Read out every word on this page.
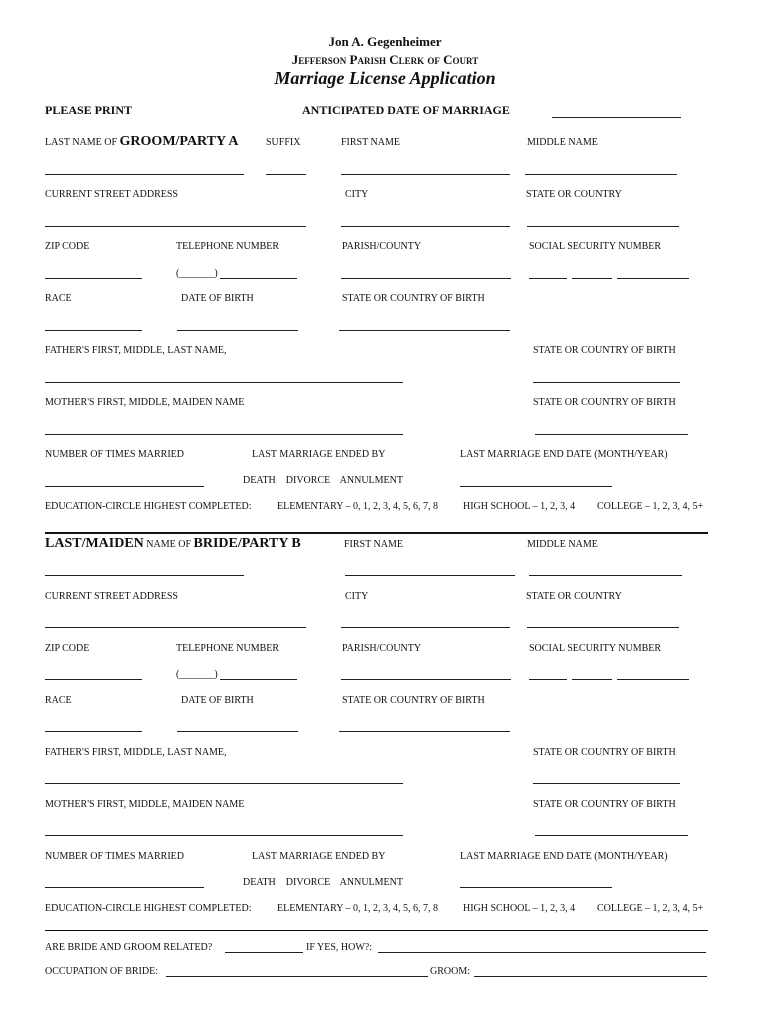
Jon A. Gegenheimer
Jefferson Parish Clerk of Court
Marriage License Application
PLEASE PRINT	ANTICIPATED DATE OF MARRIAGE
LAST NAME OF GROOM/PARTY A	SUFFIX	FIRST NAME	MIDDLE NAME
CURRENT STREET ADDRESS	CITY	STATE OR COUNTRY
ZIP CODE	TELEPHONE NUMBER	PARISH/COUNTY	SOCIAL SECURITY NUMBER
(_______)
RACE	DATE OF BIRTH	STATE OR COUNTRY OF BIRTH
FATHER'S FIRST, MIDDLE, LAST NAME,	STATE OR COUNTRY OF BIRTH
MOTHER'S FIRST, MIDDLE, MAIDEN NAME	STATE OR COUNTRY OF BIRTH
NUMBER OF TIMES MARRIED	LAST MARRIAGE ENDED BY	LAST MARRIAGE END DATE (MONTH/YEAR)
DEATH    DIVORCE    ANNULMENT
EDUCATION-CIRCLE HIGHEST COMPLETED:	ELEMENTARY – 0, 1, 2, 3, 4, 5, 6, 7, 8 HIGH SCHOOL – 1, 2, 3, 4 COLLEGE – 1, 2, 3, 4, 5+
LAST/MAIDEN NAME OF BRIDE/PARTY B	FIRST NAME	MIDDLE NAME
CURRENT STREET ADDRESS	CITY	STATE OR COUNTRY
ZIP CODE	TELEPHONE NUMBER	PARISH/COUNTY	SOCIAL SECURITY NUMBER
(_______)
RACE	DATE OF BIRTH	STATE OR COUNTRY OF BIRTH
FATHER'S FIRST, MIDDLE, LAST NAME,	STATE OR COUNTRY OF BIRTH
MOTHER'S FIRST, MIDDLE, MAIDEN NAME	STATE OR COUNTRY OF BIRTH
NUMBER OF TIMES MARRIED	LAST MARRIAGE ENDED BY	LAST MARRIAGE END DATE (MONTH/YEAR)
DEATH    DIVORCE    ANNULMENT
EDUCATION-CIRCLE HIGHEST COMPLETED:	ELEMENTARY – 0, 1, 2, 3, 4, 5, 6, 7, 8 HIGH SCHOOL – 1, 2, 3, 4 COLLEGE – 1, 2, 3, 4, 5+
ARE BRIDE AND GROOM RELATED?	IF YES, HOW?:
OCCUPATION OF BRIDE:	GROOM:
